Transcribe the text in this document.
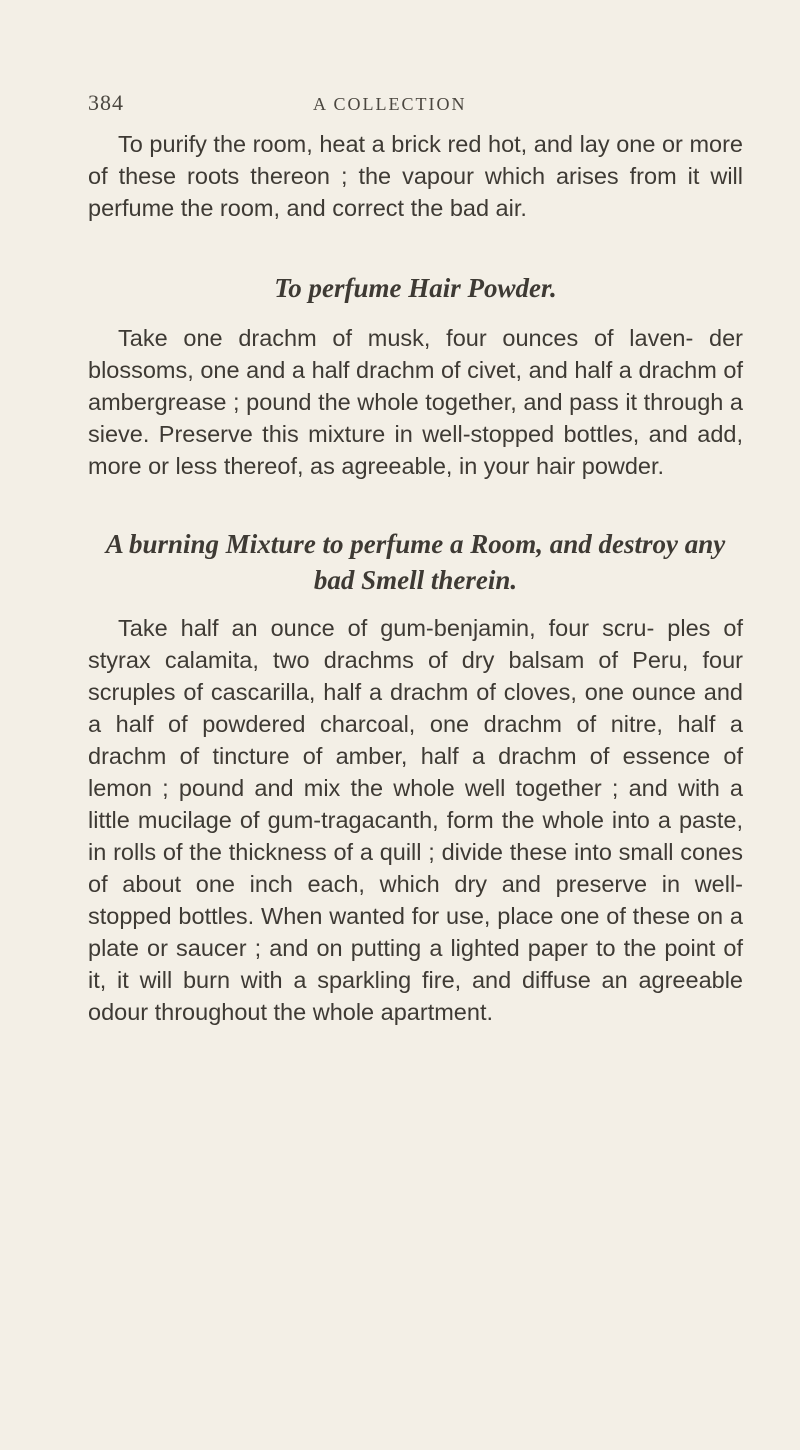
384	A COLLECTION

To purify the room, heat a brick red hot, and lay one or more of these roots thereon ; the vapour which arises from it will perfume the room, and correct the bad air.

To perfume Hair Powder.

Take one drachm of musk, four ounces of laven- der blossoms, one and a half drachm of civet, and half a drachm of ambergrease ; pound the whole together, and pass it through a sieve. Preserve this mixture in well-stopped bottles, and add, more or less thereof, as agreeable, in your hair powder.

A burning Mixture to perfume a Room, and destroy any bad Smell therein.

Take half an ounce of gum-benjamin, four scru- ples of styrax calamita, two drachms of dry balsam of Peru, four scruples of cascarilla, half a drachm of cloves, one ounce and a half of powdered charcoal, one drachm of nitre, half a drachm of tincture of amber, half a drachm of essence of lemon ; pound and mix the whole well together ; and with a little mucilage of gum-tragacanth, form the whole into a paste, in rolls of the thickness of a quill ; divide these into small cones of about one inch each, which dry and preserve in well-stopped bottles. When wanted for use, place one of these on a plate or saucer ; and on putting a lighted paper to the point of it, it will burn with a sparkling fire, and diffuse an agreeable odour throughout the whole apartment.
